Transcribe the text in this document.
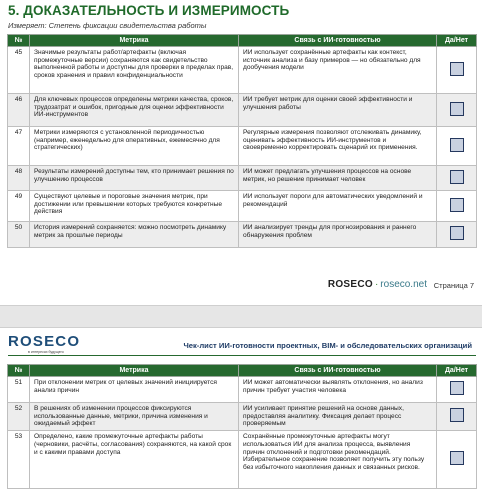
5. ДОКАЗАТЕЛЬНОСТЬ И ИЗМЕРИМОСТЬ
Измеряет: Степень фиксации свидетельства работы
№	Метрика	Связь с ИИ-готовностью	Да/Нет
45	Значимые результаты работ/артефакты (включая промежуточные версии) сохраняются как свидетельство выполненной работы и доступны для проверки в пределах прав, сроков хранения и правил конфиденциальности	ИИ использует сохранённые артефакты как контекст, источник анализа и базу примеров — но обязательно для дообучения модели	
46	Для ключевых процессов определены метрики качества, сроков, трудозатрат и ошибок, пригодные для оценки эффективности ИИ-инструментов	ИИ требует метрик для оценки своей эффективности и улучшения работы	
47	Метрики измеряются с установленной периодичностью (например, еженедельно для оперативных, ежемесячно для стратегических)	Регулярные измерения позволяют отслеживать динамику, оценивать эффективность ИИ-инструментов и своевременно корректировать сценарий их применения.	
48	Результаты измерений доступны тем, кто принимает решения по улучшению процессов	ИИ может предлагать улучшения процессов на основе метрик, но решение принимает человек	
49	Существуют целевые и пороговые значения метрик, при достижении или превышении которых требуются конкретные действия	ИИ использует пороги для автоматических уведомлений и рекомендаций	
50	История измерений сохраняется: можно посмотреть динамику метрик за прошлые периоды	ИИ анализирует тренды для прогнозирования и раннего обнаружения проблем	
ROSECO · roseco.net Страница 7
ROSECO
в интересах будущего
Чек-лист ИИ-готовности проектных, BIM- и обследовательских организаций
№	Метрика	Связь с ИИ-готовностью	Да/Нет
51	При отклонении метрик от целевых значений инициируется анализ причин	ИИ может автоматически выявлять отклонения, но анализ причин требует участия человека	
52	В решениях об изменении процессов фиксируются использованные данные, метрики, причина изменения и ожидаемый эффект	ИИ усиливает принятие решений на основе данных, предоставляя аналитику. Фиксация делает процесс проверяемым	
53	Определено, какие промежуточные артефакты работы (черновики, расчёты, согласования) сохраняются, на какой срок и с какими правами доступа	Сохранённые промежуточные артефакты могут использоваться ИИ для анализа процесса, выявления причин отклонений и подготовки рекомендаций. Избирательное сохранение позволяет получить эту пользу без избыточного накопления данных и связанных рисков.	
